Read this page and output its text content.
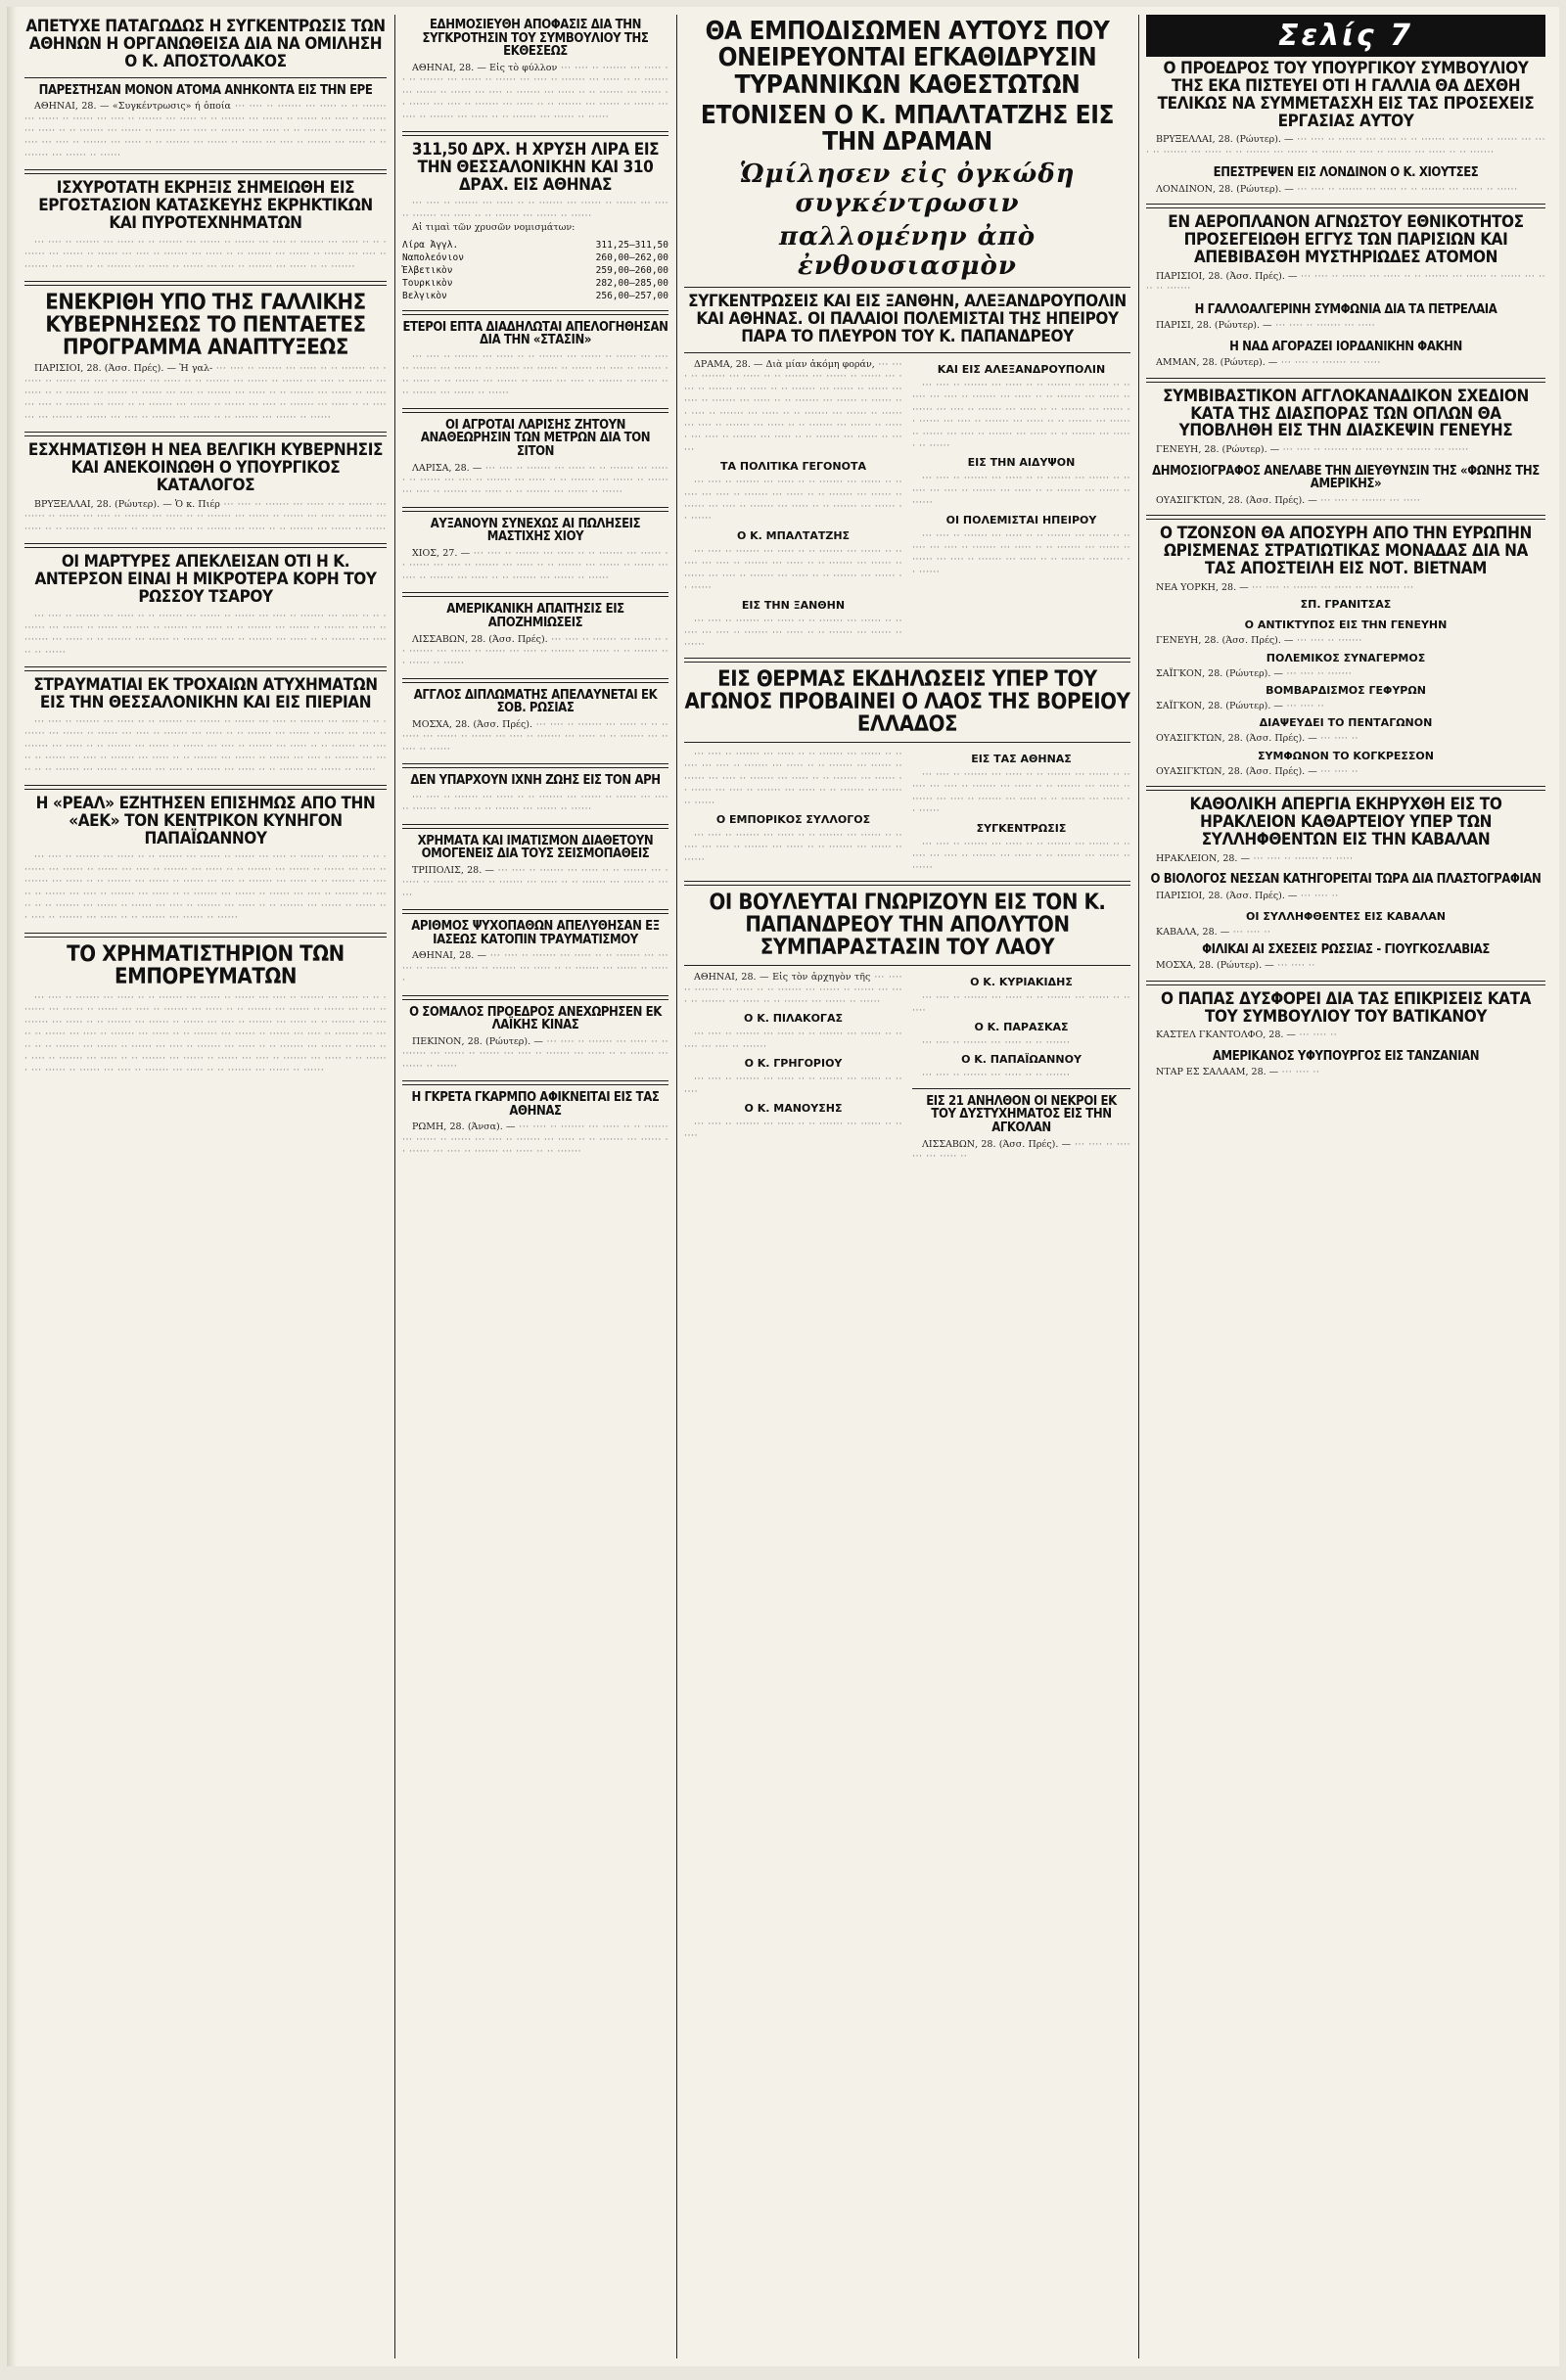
ΑΠΕΤΥΧΕ ΠΑΤΑΓΩΔΩΣ Η ΣΥΓΚΕΝΤΡΩΣΙΣ ΤΩΝ ΑΘΗΝΩΝ Η ΟΡΓΑΝΩΘΕΙΣΑ ΔΙΑ ΝΑ ΟΜΙΛΗΣΗ Ο Κ. ΑΠΟΣΤΟΛΑΚΟΣ
ΠΑΡΕΣΤΗΣΑΝ ΜΟΝΟΝ ΑΤΟΜΑ ΑΝΗΚΟΝΤΑ ΕΙΣ ΤΗΝ ΕΡΕ
ΑΘΗΝΑΙ, 28. — «Συγκέντρωσις» ή ὁποία ··· ···· ·· ······· ··· ····· ·· ·· ······· ··· ······ ·· ······ ··· ···· ·· ······· ··· ····· ·· ·· ······· ··· ······ ·· ······ ··· ···· ·· ······· ··· ····· ·· ·· ······· ··· ······ ·· ······ ··· ···· ·· ······· ··· ····· ·· ·· ······· ··· ······ ·· ······ ··· ···· ·· ······· ··· ····· ·· ·· ······· ··· ······ ·· ······ ··· ···· ·· ······· ··· ····· ·· ·· ······· ··· ······ ·· ······
ΙΣΧΥΡΟΤΑΤΗ ΕΚΡΗΞΙΣ ΣΗΜΕΙΩΘΗ ΕΙΣ ΕΡΓΟΣΤΑΣΙΟΝ ΚΑΤΑΣΚΕΥΗΣ ΕΚΡΗΚΤΙΚΩΝ ΚΑΙ ΠΥΡΟΤΕΧΝΗΜΑΤΩΝ
··· ···· ·· ······· ··· ····· ·· ·· ······· ··· ······ ·· ······ ··· ···· ·· ······· ··· ····· ·· ·· ······· ··· ······ ·· ······ ··· ···· ·· ······· ··· ····· ·· ·· ······· ··· ······ ·· ······ ··· ···· ·· ······· ··· ····· ·· ·· ······· ··· ······ ·· ······ ··· ···· ·· ······· ··· ····· ·· ·· ·······
ΕΝΕΚΡΙΘΗ ΥΠΟ ΤΗΣ ΓΑΛΛΙΚΗΣ ΚΥΒΕΡΝΗΣΕΩΣ ΤΟ ΠΕΝΤΑΕΤΕΣ ΠΡΟΓΡΑΜΜΑ ΑΝΑΠΤΥΞΕΩΣ
ΠΑΡΙΣΙΟΙ, 28. (Άσσ. Πρές). — Ἡ γαλ- ··· ···· ·· ······· ··· ····· ·· ·· ······· ··· ······ ·· ······ ··· ···· ·· ······· ··· ····· ·· ·· ······· ··· ······ ·· ······ ··· ···· ·· ······· ··· ····· ·· ·· ······· ··· ······ ·· ······ ··· ···· ·· ······· ··· ····· ·· ·· ······· ··· ······ ·· ······ ··· ···· ·· ······· ··· ····· ·· ·· ······· ··· ······ ·· ······ ··· ···· ·· ······· ··· ····· ·· ·· ······· ··· ······ ·· ······ ··· ···· ·· ······· ··· ····· ·· ·· ······· ··· ······ ·· ······
ΕΣΧΗΜΑΤΙΣΘΗ Η ΝΕΑ ΒΕΛΓΙΚΗ ΚΥΒΕΡΝΗΣΙΣ ΚΑΙ ΑΝΕΚΟΙΝΩΘΗ Ο ΥΠΟΥΡΓΙΚΟΣ ΚΑΤΑΛΟΓΟΣ
ΒΡΥΞΕΛΛΑΙ, 28. (Ρώυτερ). — Ὁ κ. Πιέρ ··· ···· ·· ······· ··· ····· ·· ·· ······· ··· ······ ·· ······ ··· ···· ·· ······· ··· ····· ·· ·· ······· ··· ······ ·· ······ ··· ···· ·· ······· ··· ····· ·· ·· ······· ··· ······ ·· ······ ··· ···· ·· ······· ··· ····· ·· ·· ······· ··· ······ ·· ······
ΟΙ ΜΑΡΤΥΡΕΣ ΑΠΕΚΛΕΙΣΑΝ ΟΤΙ Η Κ. ΑΝΤΕΡΣΟΝ ΕΙΝΑΙ Η ΜΙΚΡΟΤΕΡΑ ΚΟΡΗ ΤΟΥ ΡΩΣΣΟΥ ΤΣΑΡΟΥ
··· ···· ·· ······· ··· ····· ·· ·· ······· ··· ······ ·· ······ ··· ···· ·· ······· ··· ····· ·· ·· ······· ··· ······ ·· ······ ··· ···· ·· ······· ··· ····· ·· ·· ······· ··· ······ ·· ······ ··· ···· ·· ······· ··· ····· ·· ·· ······· ··· ······ ·· ······ ··· ···· ·· ······· ··· ····· ·· ·· ······· ··· ······ ·· ······
ΣΤΡΑΥΜΑΤΙΑΙ ΕΚ ΤΡΟΧΑΙΩΝ ΑΤΥΧΗΜΑΤΩΝ ΕΙΣ ΤΗΝ ΘΕΣΣΑΛΟΝΙΚΗΝ ΚΑΙ ΕΙΣ ΠΙΕΡΙΑΝ
··· ···· ·· ······· ··· ····· ·· ·· ······· ··· ······ ·· ······ ··· ···· ·· ······· ··· ····· ·· ·· ······· ··· ······ ·· ······ ··· ···· ·· ······· ··· ····· ·· ·· ······· ··· ······ ·· ······ ··· ···· ·· ······· ··· ····· ·· ·· ······· ··· ······ ·· ······ ··· ···· ·· ······· ··· ····· ·· ·· ······· ··· ······ ·· ······ ··· ···· ·· ······· ··· ····· ·· ·· ······· ··· ······ ·· ······ ··· ···· ·· ······· ··· ····· ·· ·· ······· ··· ······ ·· ······ ··· ···· ·· ······· ··· ····· ·· ·· ······· ··· ······ ·· ······
Η «ΡΕΑΛ» ΕΖΗΤΗΣΕΝ ΕΠΙΣΗΜΩΣ ΑΠΟ ΤΗΝ «ΑΕΚ» ΤΟΝ ΚΕΝΤΡΙΚΟΝ ΚΥΝΗΓΟΝ ΠΑΠΑΪΩΑΝΝΟΥ
··· ···· ·· ······· ··· ····· ·· ·· ······· ··· ······ ·· ······ ··· ···· ·· ······· ··· ····· ·· ·· ······· ··· ······ ·· ······ ··· ···· ·· ······· ··· ····· ·· ·· ······· ··· ······ ·· ······ ··· ···· ·· ······· ··· ····· ·· ·· ······· ··· ······ ·· ······ ··· ···· ·· ······· ··· ····· ·· ·· ······· ··· ······ ·· ······ ··· ···· ·· ······· ··· ····· ·· ·· ······· ··· ······ ·· ······ ··· ···· ·· ······· ··· ····· ·· ·· ······· ··· ······ ·· ······ ··· ···· ·· ······· ··· ····· ·· ·· ······· ··· ······ ·· ······ ··· ···· ·· ······· ··· ····· ·· ·· ······· ··· ······ ·· ······
ΤΟ ΧΡΗΜΑΤΙΣΤΗΡΙΟΝ ΤΩΝ ΕΜΠΟΡΕΥΜΑΤΩΝ
··· ···· ·· ······· ··· ····· ·· ·· ······· ··· ······ ·· ······ ··· ···· ·· ······· ··· ····· ·· ·· ······· ··· ······ ·· ······ ··· ···· ·· ······· ··· ····· ·· ·· ······· ··· ······ ·· ······ ··· ···· ·· ······· ··· ····· ·· ·· ······· ··· ······ ·· ······ ··· ···· ·· ······· ··· ····· ·· ·· ······· ··· ······ ·· ······ ··· ···· ·· ······· ··· ····· ·· ·· ······· ··· ······ ·· ······ ··· ···· ·· ······· ··· ····· ·· ·· ······· ··· ······ ·· ······ ··· ···· ·· ······· ··· ····· ·· ·· ······· ··· ······ ·· ······ ··· ···· ·· ······· ··· ····· ·· ·· ······· ··· ······ ·· ······ ··· ···· ·· ······· ··· ····· ·· ·· ······· ··· ······ ·· ······ ··· ···· ·· ······· ··· ····· ·· ·· ······· ··· ······ ·· ······
ΕΔΗΜΟΣΙΕΥΘΗ ΑΠΟΦΑΣΙΣ ΔΙΑ ΤΗΝ ΣΥΓΚΡΟΤΗΣΙΝ ΤΟΥ ΣΥΜΒΟΥΛΙΟΥ ΤΗΣ ΕΚΘΕΣΕΩΣ
ΑΘΗΝΑΙ, 28. — Εἰς τὸ φύλλον ··· ···· ·· ······· ··· ····· ·· ·· ······· ··· ······ ·· ······ ··· ···· ·· ······· ··· ····· ·· ·· ······· ··· ······ ·· ······ ··· ···· ·· ······· ··· ····· ·· ·· ······· ··· ······ ·· ······ ··· ···· ·· ······· ··· ····· ·· ·· ······· ··· ······ ·· ······ ··· ···· ·· ······· ··· ····· ·· ·· ······· ··· ······ ·· ······
311,50 ΔΡΧ. Η ΧΡΥΣΗ ΛΙΡΑ ΕΙΣ ΤΗΝ ΘΕΣΣΑΛΟΝΙΚΗΝ ΚΑΙ 310 ΔΡΑΧ. ΕΙΣ ΑΘΗΝΑΣ
··· ···· ·· ······· ··· ····· ·· ·· ······· ··· ······ ·· ······ ··· ···· ·· ······· ··· ····· ·· ·· ······· ··· ······ ·· ······
Αἱ τιμαὶ τῶν χρυσῶν νομισμάτων:
Λίρα Ἀγγλ.	311,25—311,50
Ναπολεόνιον	260,00—262,00
Ἑλβετικὸν	259,00—260,00
Τουρκικὸν	282,00—285,00
Βελγικὸν	256,00—257,00
ΕΤΕΡΟΙ ΕΠΤΑ ΔΙΑΔΗΛΩΤΑΙ ΑΠΕΛΟΓΗΘΗΣΑΝ ΔΙΑ ΤΗΝ «ΣΤΑΣΙΝ»
··· ···· ·· ······· ··· ····· ·· ·· ······· ··· ······ ·· ······ ··· ···· ·· ······· ··· ····· ·· ·· ······· ··· ······ ·· ······ ··· ···· ·· ······· ··· ····· ·· ·· ······· ··· ······ ·· ······ ··· ···· ·· ······· ··· ····· ·· ·· ······· ··· ······ ·· ······
ΟΙ ΑΓΡΟΤΑΙ ΛΑΡΙΣΗΣ ΖΗΤΟΥΝ ΑΝΑΘΕΩΡΗΣΙΝ ΤΩΝ ΜΕΤΡΩΝ ΔΙΑ ΤΟΝ ΣΙΤΟΝ
ΛΑΡΙΣΑ, 28. — ··· ···· ·· ······· ··· ····· ·· ·· ······· ··· ······ ·· ······ ··· ···· ·· ······· ··· ····· ·· ·· ······· ··· ······ ·· ······ ··· ···· ·· ······· ··· ····· ·· ·· ······· ··· ······ ·· ······
ΑΥΞΑΝΟΥΝ ΣΥΝΕΧΩΣ ΑΙ ΠΩΛΗΣΕΙΣ ΜΑΣΤΙΧΗΣ ΧΙΟΥ
ΧΙΟΣ, 27. — ··· ···· ·· ······· ··· ····· ·· ·· ······· ··· ······ ·· ······ ··· ···· ·· ······· ··· ····· ·· ·· ······· ··· ······ ·· ······ ··· ···· ·· ······· ··· ····· ·· ·· ······· ··· ······ ·· ······
ΑΜΕΡΙΚΑΝΙΚΗ ΑΠΑΙΤΗΣΙΣ ΕΙΣ ΑΠΟΖΗΜΙΩΣΕΙΣ
ΛΙΣΣΑΒΩΝ, 28. (Άσσ. Πρές). ··· ···· ·· ······· ··· ····· ·· ·· ······· ··· ······ ·· ······ ··· ···· ·· ······· ··· ····· ·· ·· ······· ··· ······ ·· ······
ΑΓΓΛΟΣ ΔΙΠΛΩΜΑΤΗΣ ΑΠΕΛΑΥΝΕΤΑΙ ΕΚ ΣΟΒ. ΡΩΣΙΑΣ
ΜΟΣΧΑ, 28. (Άσσ. Πρές). ··· ···· ·· ······· ··· ····· ·· ·· ······· ··· ······ ·· ······ ··· ···· ·· ······· ··· ····· ·· ·· ······· ··· ······ ·· ······
ΔΕΝ ΥΠΑΡΧΟΥΝ ΙΧΝΗ ΖΩΗΣ ΕΙΣ ΤΟΝ ΑΡΗ
··· ···· ·· ······· ··· ····· ·· ·· ······· ··· ······ ·· ······ ··· ···· ·· ······· ··· ····· ·· ·· ······· ··· ······ ·· ······
ΧΡΗΜΑΤΑ ΚΑΙ ΙΜΑΤΙΣΜΟΝ ΔΙΑΘΕΤΟΥΝ ΟΜΟΓΕΝΕΙΣ ΔΙΑ ΤΟΥΣ ΣΕΙΣΜΟΠΑΘΕΙΣ
ΤΡΙΠΟΛΙΣ, 28. — ··· ···· ·· ······· ··· ····· ·· ·· ······· ··· ······ ·· ······ ··· ···· ·· ······· ··· ····· ·· ·· ······· ··· ······ ·· ······
ΑΡΙΘΜΟΣ ΨΥΧΟΠΑΘΩΝ ΑΠΕΛΥΘΗΣΑΝ ΕΞ ΙΑΣΕΩΣ ΚΑΤΟΠΙΝ ΤΡΑΥΜΑΤΙΣΜΟΥ
ΑΘΗΝΑΙ, 28. — ··· ···· ·· ······· ··· ····· ·· ·· ······· ··· ······ ·· ······ ··· ···· ·· ······· ··· ····· ·· ·· ······· ··· ······ ·· ······
Ο ΣΟΜΑΛΟΣ ΠΡΟΕΔΡΟΣ ΑΝΕΧΩΡΗΣΕΝ ΕΚ ΛΑΪΚΗΣ ΚΙΝΑΣ
ΠΕΚΙΝΟΝ, 28. (Ρώυτερ). — ··· ···· ·· ······· ··· ····· ·· ·· ······· ··· ······ ·· ······ ··· ···· ·· ······· ··· ····· ·· ·· ······· ··· ······ ·· ······
Η ΓΚΡΕΤΑ ΓΚΑΡΜΠΟ ΑΦΙΚΝΕΙΤΑΙ ΕΙΣ ΤΑΣ ΑΘΗΝΑΣ
ΡΩΜΗ, 28. (Άνσα). — ··· ···· ·· ······· ··· ····· ·· ·· ······· ··· ······ ·· ······ ··· ···· ·· ······· ··· ····· ·· ·· ······· ··· ······ ·· ······ ··· ···· ·· ······· ··· ····· ·· ·· ·······
ΘΑ ΕΜΠΟΔΙΣΩΜΕΝ ΑΥΤΟΥΣ ΠΟΥ ΟΝΕΙΡΕΥΟΝΤΑΙ ΕΓΚΑΘΙΔΡΥΣΙΝ ΤΥΡΑΝΝΙΚΩΝ ΚΑΘΕΣΤΩΤΩΝ
ΕΤΟΝΙΣΕΝ Ο Κ. ΜΠΑΛΤΑΤΖΗΣ ΕΙΣ ΤΗΝ ΔΡΑΜΑΝ
Ὡμίλησεν εἰς ὀγκώδη συγκέντρωσιν
παλλομένην ἀπὸ ἐνθουσιασμὸν
ΣΥΓΚΕΝΤΡΩΣΕΙΣ ΚΑΙ ΕΙΣ ΞΑΝΘΗΝ, ΑΛΕΞΑΝΔΡΟΥΠΟΛΙΝ ΚΑΙ ΑΘΗΝΑΣ. ΟΙ ΠΑΛΑΙΟΙ ΠΟΛΕΜΙΣΤΑΙ ΤΗΣ ΗΠΕΙΡΟΥ ΠΑΡΑ ΤΟ ΠΛΕΥΡΟΝ ΤΟΥ Κ. ΠΑΠΑΝΔΡΕΟΥ
ΔΡΑΜΑ, 28. — Διὰ μίαν ἀκόμη φοράν, ··· ···· ·· ······· ··· ····· ·· ·· ······· ··· ······ ·· ······ ··· ···· ·· ······· ··· ····· ·· ·· ······· ··· ······ ·· ······ ··· ···· ·· ······· ··· ····· ·· ·· ······· ··· ······ ·· ······ ··· ···· ·· ······· ··· ····· ·· ·· ······· ··· ······ ·· ······ ··· ···· ·· ······· ··· ····· ·· ·· ······· ··· ······ ·· ······ ··· ···· ·· ······· ··· ····· ·· ·· ······· ··· ······ ·· ······
ΤΑ ΠΟΛΙΤΙΚΑ ΓΕΓΟΝΟΤΑ
··· ···· ·· ······· ··· ····· ·· ·· ······· ··· ······ ·· ······ ··· ···· ·· ······· ··· ····· ·· ·· ······· ··· ······ ·· ······ ··· ···· ·· ······· ··· ····· ·· ·· ······· ··· ······ ·· ······
Ο Κ. ΜΠΑΛΤΑΤΖΗΣ
··· ···· ·· ······· ··· ····· ·· ·· ······· ··· ······ ·· ······ ··· ···· ·· ······· ··· ····· ·· ·· ······· ··· ······ ·· ······ ··· ···· ·· ······· ··· ····· ·· ·· ······· ··· ······ ·· ······
ΕΙΣ ΤΗΝ ΞΑΝΘΗΝ
··· ···· ·· ······· ··· ····· ·· ·· ······· ··· ······ ·· ······ ··· ···· ·· ······· ··· ····· ·· ·· ······· ··· ······ ·· ······
ΚΑΙ ΕΙΣ ΑΛΕΞΑΝΔΡΟΥΠΟΛΙΝ
··· ···· ·· ······· ··· ····· ·· ·· ······· ··· ······ ·· ······ ··· ···· ·· ······· ··· ····· ·· ·· ······· ··· ······ ·· ······ ··· ···· ·· ······· ··· ····· ·· ·· ······· ··· ······ ·· ······ ··· ···· ·· ······· ··· ····· ·· ·· ······· ··· ······ ·· ······ ··· ···· ·· ······· ··· ····· ·· ·· ······· ··· ······ ·· ······
ΕΙΣ ΤΗΝ ΑΙΔΥΨΟΝ
··· ···· ·· ······· ··· ····· ·· ·· ······· ··· ······ ·· ······ ··· ···· ·· ······· ··· ····· ·· ·· ······· ··· ······ ·· ······
ΟΙ ΠΟΛΕΜΙΣΤΑΙ ΗΠΕΙΡΟΥ
··· ···· ·· ······· ··· ····· ·· ·· ······· ··· ······ ·· ······ ··· ···· ·· ······· ··· ····· ·· ·· ······· ··· ······ ·· ······ ··· ···· ·· ······· ··· ····· ·· ·· ······· ··· ······ ·· ······
ΕΙΣ ΘΕΡΜΑΣ ΕΚΔΗΛΩΣΕΙΣ ΥΠΕΡ ΤΟΥ ΑΓΩΝΟΣ ΠΡΟΒΑΙΝΕΙ Ο ΛΑΟΣ ΤΗΣ ΒΟΡΕΙΟΥ ΕΛΛΑΔΟΣ
··· ···· ·· ······· ··· ····· ·· ·· ······· ··· ······ ·· ······ ··· ···· ·· ······· ··· ····· ·· ·· ······· ··· ······ ·· ······ ··· ···· ·· ······· ··· ····· ·· ·· ······· ··· ······ ·· ······ ··· ···· ·· ······· ··· ····· ·· ·· ······· ··· ······ ·· ······
Ο ΕΜΠΟΡΙΚΟΣ ΣΥΛΛΟΓΟΣ
··· ···· ·· ······· ··· ····· ·· ·· ······· ··· ······ ·· ······ ··· ···· ·· ······· ··· ····· ·· ·· ······· ··· ······ ·· ······
ΕΙΣ ΤΑΣ ΑΘΗΝΑΣ
··· ···· ·· ······· ··· ····· ·· ·· ······· ··· ······ ·· ······ ··· ···· ·· ······· ··· ····· ·· ·· ······· ··· ······ ·· ······ ··· ···· ·· ······· ··· ····· ·· ·· ······· ··· ······ ·· ······
ΣΥΓΚΕΝΤΡΩΣΙΣ
··· ···· ·· ······· ··· ····· ·· ·· ······· ··· ······ ·· ······ ··· ···· ·· ······· ··· ····· ·· ·· ······· ··· ······ ·· ······
ΟΙ ΒΟΥΛΕΥΤΑΙ ΓΝΩΡΙΖΟΥΝ ΕΙΣ ΤΟΝ Κ. ΠΑΠΑΝΔΡΕΟΥ ΤΗΝ ΑΠΟΛΥΤΟΝ ΣΥΜΠΑΡΑΣΤΑΣΙΝ ΤΟΥ ΛΑΟΥ
ΑΘΗΝΑΙ, 28. — Εἰς τὸν ἀρχηγὸν τῆς ··· ···· ·· ······· ··· ····· ·· ·· ······· ··· ······ ·· ······ ··· ···· ·· ······· ··· ····· ·· ·· ······· ··· ······ ·· ······
Ο Κ. ΠΙΛΑΚΟΓΑΣ
··· ···· ·· ······· ··· ····· ·· ·· ······· ··· ······ ·· ······ ··· ···· ·· ·······
Ο Κ. ΓΡΗΓΟΡΙΟΥ
··· ···· ·· ······· ··· ····· ·· ·· ······· ··· ······ ·· ······
Ο Κ. ΜΑΝΟΥΣΗΣ
··· ···· ·· ······· ··· ····· ·· ·· ······· ··· ······ ·· ······
Ο Κ. ΚΥΡΙΑΚΙΔΗΣ
··· ···· ·· ······· ··· ····· ·· ·· ······· ··· ······ ·· ······
Ο Κ. ΠΑΡΑΣΚΑΣ
··· ···· ·· ······· ··· ····· ·· ·· ·······
Ο Κ. ΠΑΠΑΪΩΑΝΝΟΥ
··· ···· ·· ······· ··· ····· ·· ·· ·······
ΕΙΣ 21 ΑΝΗΛΘΟΝ ΟΙ ΝΕΚΡΟΙ ΕΚ ΤΟΥ ΔΥΣΤΥΧΗΜΑΤΟΣ ΕΙΣ ΤΗΝ ΑΓΚΟΛΑΝ
ΛΙΣΣΑΒΩΝ, 28. (Άσσ. Πρές). — ··· ···· ·· ······· ··· ····· ··
Σελίς 7
Ο ΠΡΟΕΔΡΟΣ ΤΟΥ ΥΠΟΥΡΓΙΚΟΥ ΣΥΜΒΟΥΛΙΟΥ ΤΗΣ ΕΚΑ ΠΙΣΤΕΥΕΙ ΟΤΙ Η ΓΑΛΛΙΑ ΘΑ ΔΕΧΘΗ ΤΕΛΙΚΩΣ ΝΑ ΣΥΜΜΕΤΑΣΧΗ ΕΙΣ ΤΑΣ ΠΡΟΣΕΧΕΙΣ ΕΡΓΑΣΙΑΣ ΑΥΤΟΥ
ΒΡΥΞΕΛΛΑΙ, 28. (Ρώυτερ). — ··· ···· ·· ······· ··· ····· ·· ·· ······· ··· ······ ·· ······ ··· ···· ·· ······· ··· ····· ·· ·· ······· ··· ······ ·· ······ ··· ···· ·· ······· ··· ····· ·· ·· ·······
ΕΠΕΣΤΡΕΨΕΝ ΕΙΣ ΛΟΝΔΙΝΟΝ Ο Κ. ΧΙΟΥΤΣΕΣ
ΛΟΝΔΙΝΟΝ, 28. (Ρώυτερ). — ··· ···· ·· ······· ··· ····· ·· ·· ······· ··· ······ ·· ······
ΕΝ ΑΕΡΟΠΛΑΝΟΝ ΑΓΝΩΣΤΟΥ ΕΘΝΙΚΟΤΗΤΟΣ ΠΡΟΣΕΓΕΙΩΘΗ ΕΓΓΥΣ ΤΩΝ ΠΑΡΙΣΙΩΝ ΚΑΙ ΑΠΕΒΙΒΑΣΘΗ ΜΥΣΤΗΡΙΩΔΕΣ ΑΤΟΜΟΝ
ΠΑΡΙΣΙΟΙ, 28. (Ἀσσ. Πρές). — ··· ···· ·· ······· ··· ····· ·· ·· ······· ··· ······ ·· ······ ··· ···· ·· ·······
Η ΓΑΛΛΟΑΛΓΕΡΙΝΗ ΣΥΜΦΩΝΙΑ ΔΙΑ ΤΑ ΠΕΤΡΕΛΑΙΑ
ΠΑΡΙΣΙ, 28. (Ρώυτερ). — ··· ···· ·· ······· ··· ·····
Η ΝΑΔ ΑΓΟΡΑΖΕΙ ΙΟΡΔΑΝΙΚΗΝ ΦΑΚΗΝ
ΑΜΜΑΝ, 28. (Ρώυτερ). — ··· ···· ·· ······· ··· ·····
ΣΥΜΒΙΒΑΣΤΙΚΟΝ ΑΓΓΛΟΚΑΝΑΔΙΚΟΝ ΣΧΕΔΙΟΝ ΚΑΤΑ ΤΗΣ ΔΙΑΣΠΟΡΑΣ ΤΩΝ ΟΠΛΩΝ ΘΑ ΥΠΟΒΛΗΘΗ ΕΙΣ ΤΗΝ ΔΙΑΣΚΕΨΙΝ ΓΕΝΕΥΗΣ
ΓΕΝΕΥΗ, 28. (Ρώυτερ). — ··· ···· ·· ······· ··· ····· ·· ·· ······· ··· ······
ΔΗΜΟΣΙΟΓΡΑΦΟΣ ΑΝΕΛΑΒΕ ΤΗΝ ΔΙΕΥΘΥΝΣΙΝ ΤΗΣ «ΦΩΝΗΣ ΤΗΣ ΑΜΕΡΙΚΗΣ»
ΟΥΑΣΙΓΚΤΩΝ, 28. (Άσσ. Πρές). — ··· ···· ·· ······· ··· ·····
Ο ΤΖΟΝΣΟΝ ΘΑ ΑΠΟΣΥΡΗ ΑΠΟ ΤΗΝ ΕΥΡΩΠΗΝ ΩΡΙΣΜΕΝΑΣ ΣΤΡΑΤΙΩΤΙΚΑΣ ΜΟΝΑΔΑΣ ΔΙΑ ΝΑ ΤΑΣ ΑΠΟΣΤΕΙΛΗ ΕΙΣ ΝΟΤ. ΒΙΕΤΝΑΜ
ΝΕΑ ΥΟΡΚΗ, 28. — ··· ···· ·· ······· ··· ····· ·· ·· ······· ···
ΣΠ. ΓΡΑΝΙΤΣΑΣ
Ο ΑΝΤΙΚΤΥΠΟΣ ΕΙΣ ΤΗΝ ΓΕΝΕΥΗΝ
ΓΕΝΕΥΗ, 28. (Άσσ. Πρές). — ··· ···· ·· ·······
ΠΟΛΕΜΙΚΟΣ ΣΥΝΑΓΕΡΜΟΣ
ΣΑΪΓΚΟΝ, 28. (Ρώυτερ). — ··· ···· ·· ·······
ΒΟΜΒΑΡΔΙΣΜΟΣ ΓΕΦΥΡΩΝ
ΣΑΪΓΚΟΝ, 28. (Ρώυτερ). — ··· ···· ··
ΔΙΑΨΕΥΔΕΙ ΤΟ ΠΕΝΤΑΓΩΝΟΝ
ΟΥΑΣΙΓΚΤΩΝ, 28. (Άσσ. Πρές). — ··· ···· ··
ΣΥΜΦΩΝΟΝ ΤΟ ΚΟΓΚΡΕΣΣΟΝ
ΟΥΑΣΙΓΚΤΩΝ, 28. (Άσσ. Πρές). — ··· ···· ··
ΚΑΘΟΛΙΚΗ ΑΠΕΡΓΙΑ ΕΚΗΡΥΧΘΗ ΕΙΣ ΤΟ ΗΡΑΚΛΕΙΟΝ ΚΑΘΑΡΤΕΙΟΥ ΥΠΕΡ ΤΩΝ ΣΥΛΛΗΦΘΕΝΤΩΝ ΕΙΣ ΤΗΝ ΚΑΒΑΛΑΝ
ΗΡΑΚΛΕΙΟΝ, 28. — ··· ···· ·· ······· ··· ·····
Ο ΒΙΟΛΟΓΟΣ ΝΕΣΣΑΝ ΚΑΤΗΓΟΡΕΙΤΑΙ ΤΩΡΑ ΔΙΑ ΠΛΑΣΤΟΓΡΑΦΙΑΝ
ΠΑΡΙΣΙΟΙ, 28. (Άσσ. Πρές). — ··· ···· ··
ΟΙ ΣΥΛΛΗΦΘΕΝΤΕΣ ΕΙΣ ΚΑΒΑΛΑΝ
ΚΑΒΑΛΑ, 28. — ··· ···· ··
ΦΙΛΙΚΑΙ ΑΙ ΣΧΕΣΕΙΣ ΡΩΣΣΙΑΣ - ΓΙΟΥΓΚΟΣΛΑΒΙΑΣ
ΜΟΣΧΑ, 28. (Ρώυτερ). — ··· ···· ··
Ο ΠΑΠΑΣ ΔΥΣΦΟΡΕΙ ΔΙΑ ΤΑΣ ΕΠΙΚΡΙΣΕΙΣ ΚΑΤΑ ΤΟΥ ΣΥΜΒΟΥΛΙΟΥ ΤΟΥ ΒΑΤΙΚΑΝΟΥ
ΚΑΣΤΕΛ ΓΚΑΝΤΟΛΦΟ, 28. — ··· ···· ··
ΑΜΕΡΙΚΑΝΟΣ ΥΦΥΠΟΥΡΓΟΣ ΕΙΣ ΤΑΝΖΑΝΙΑΝ
ΝΤΑΡ ΕΣ ΣΑΛΑΑΜ, 28. — ··· ···· ··
